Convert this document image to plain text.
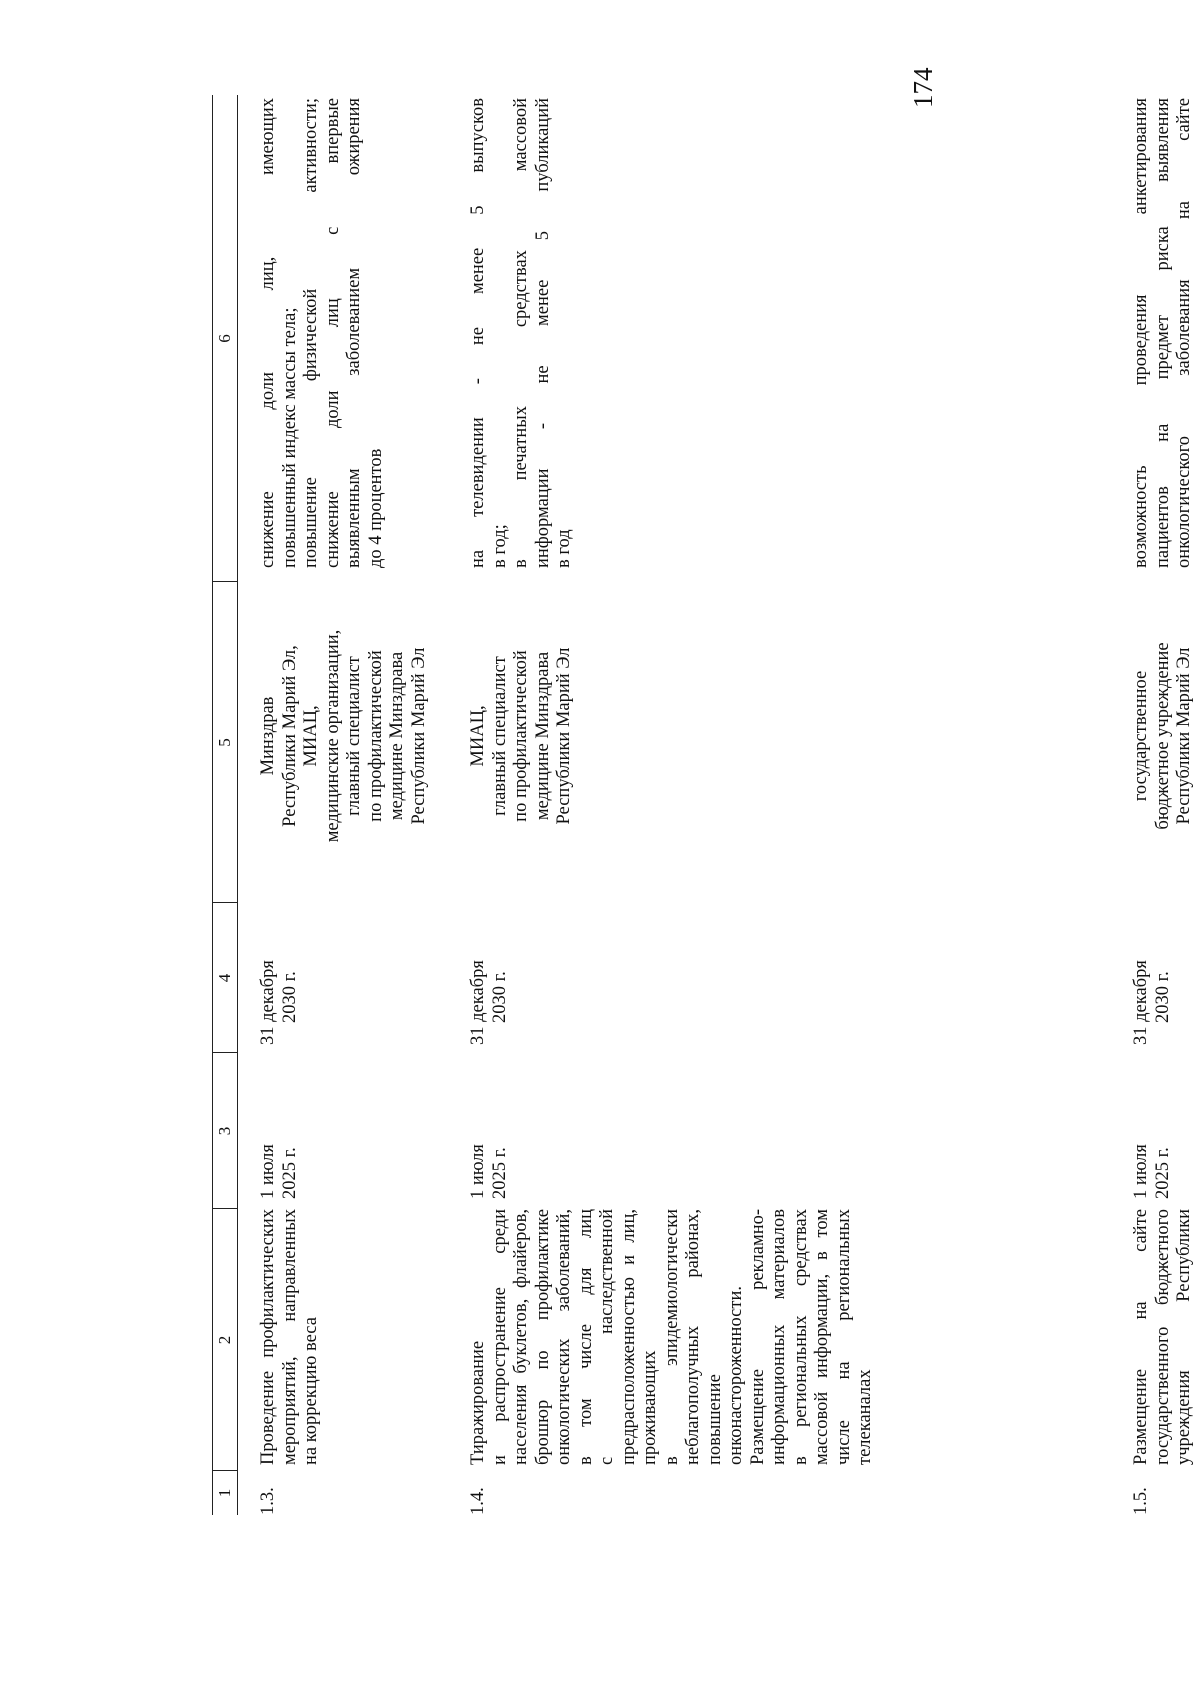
174
1
2
3
4
5
6
1.3.
Проведение профилактических мероприятий, направленных на коррекцию веса
1 июля 2025 г.
31 декабря 2030 г.
Минздрав Республики Марий Эл, МИАЦ, медицинские организации, главный специалист по профилактической медицине Минздрава Республики Марий Эл
снижение доли лиц, имеющих повышенный индекс массы тела; повышение физической активности; снижение доли лиц с впервые выявленным заболеванием ожирения до 4 процентов
1.4.
Тиражирование и распространение среди населения буклетов, флайеров, брошюр по профилактике онкологических заболеваний, в том числе для лиц с наследственной предрасположенностью и лиц, проживающих в эпидемиологически неблагополучных районах, повышение онконастороженности. Размещение рекламно- информационных материалов в региональных средствах массовой информации, в том числе на региональных телеканалах
1 июля 2025 г.
31 декабря 2030 г.
МИАЦ, главный специалист по профилактической медицине Минздрава Республики Марий Эл
на телевидении - не менее 5 выпусков в год; в печатных средствах массовой информации - не менее 5 публикаций в год
1.5.
Размещение на сайте государственного бюджетного учреждения Республики
1 июля 2025 г.
31 декабря 2030 г.
государственное бюджетное учреждение Республики Марий Эл
возможность проведения анкетирования пациентов на предмет риска выявления онкологического заболевания на сайте
